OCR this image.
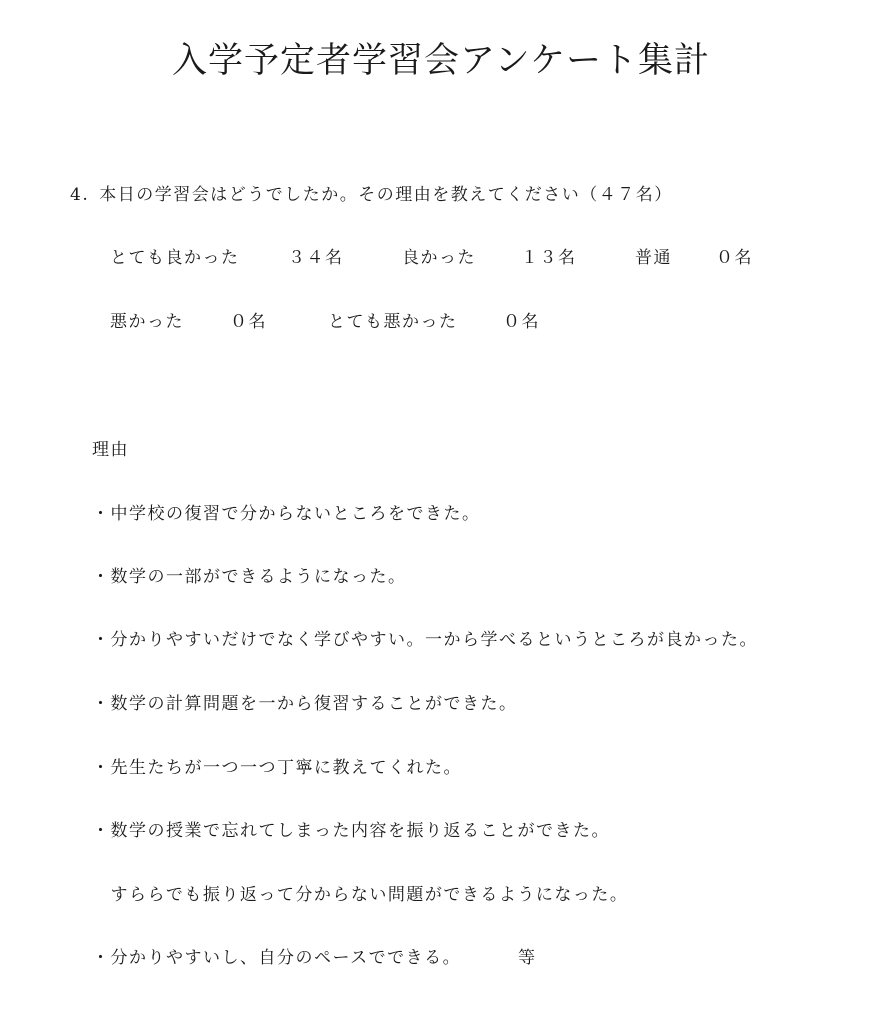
入学予定者学習会アンケート集計
4. 本日の学習会はどうでしたか。その理由を教えてください（４７名）
とても良かった	３４名	良かった	１３名	普通	０名
悪かった	０名	とても悪かった	０名
理由
・中学校の復習で分からないところをできた。
・数学の一部ができるようになった。
・分かりやすいだけでなく学びやすい。一から学べるというところが良かった。
・数学の計算問題を一から復習することができた。
・先生たちが一つ一つ丁寧に教えてくれた。
・数学の授業で忘れてしまった内容を振り返ることができた。
　すららでも振り返って分からない問題ができるようになった。
・分かりやすいし、自分のペースでできる。	等
